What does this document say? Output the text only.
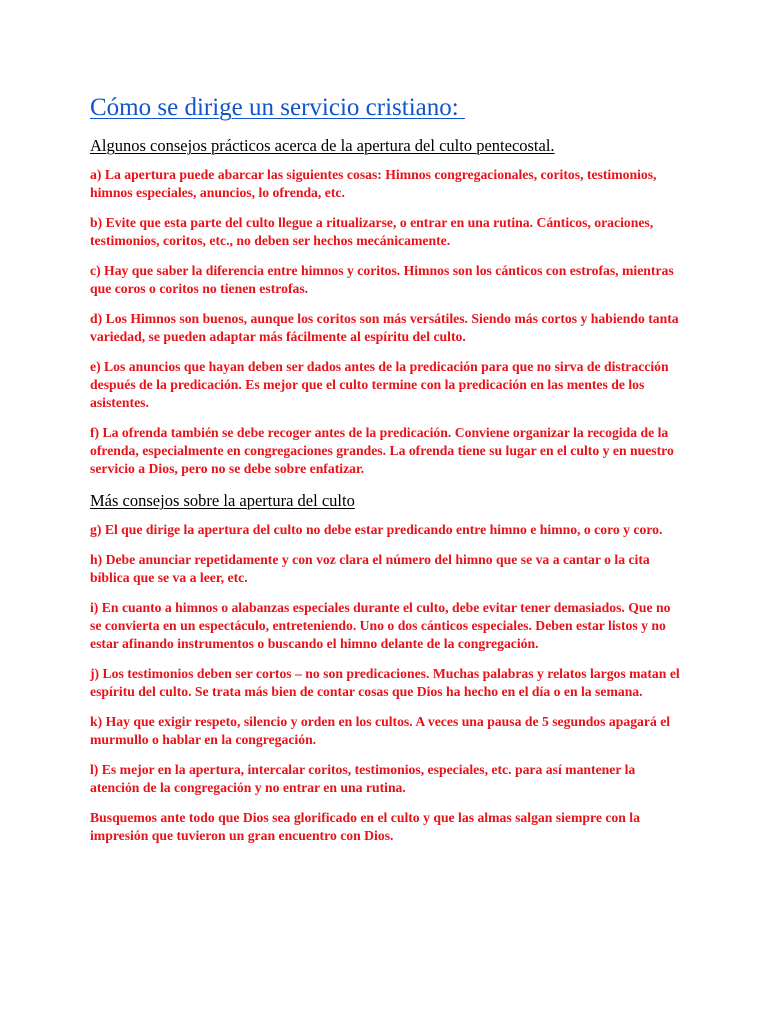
Cómo se dirige un servicio cristiano:
Algunos consejos prácticos acerca de la apertura del culto pentecostal.

a) La apertura puede abarcar las siguientes cosas: Himnos congregacionales, coritos, testimonios, himnos especiales, anuncios, lo ofrenda, etc.

b) Evite que esta parte del culto llegue a ritualizarse, o entrar en una rutina. Cánticos, oraciones, testimonios, coritos, etc., no deben ser hechos mecánicamente.

c) Hay que saber la diferencia entre himnos y coritos. Himnos son los cánticos con estrofas, mientras que coros o coritos no tienen estrofas.

d) Los Himnos son buenos, aunque los coritos son más versátiles. Siendo más cortos y habiendo tanta variedad, se pueden adaptar más fácilmente al espíritu del culto.

e) Los anuncios que hayan deben ser dados antes de la predicación para que no sirva de distracción después de la predicación. Es mejor que el culto termine con la predicación en las mentes de los asistentes.

f) La ofrenda también se debe recoger antes de la predicación. Conviene organizar la recogida de la ofrenda, especialmente en congregaciones grandes. La ofrenda tiene su lugar en el culto y en nuestro servicio a Dios, pero no se debe sobre enfatizar.

Más consejos sobre la apertura del culto

g) El que dirige la apertura del culto no debe estar predicando entre himno e himno, o coro y coro.

h) Debe anunciar repetidamente y con voz clara el número del himno que se va a cantar o la cita bíblica que se va a leer, etc.

i) En cuanto a himnos o alabanzas especiales durante el culto, debe evitar tener demasiados. Que no se convierta en un espectáculo, entreteniendo. Uno o dos cánticos especiales. Deben estar listos y no estar afinando instrumentos o buscando el himno delante de la congregación.

j) Los testimonios deben ser cortos – no son predicaciones. Muchas palabras y relatos largos matan el espíritu del culto. Se trata más bien de contar cosas que Dios ha hecho en el día o en la semana.

k) Hay que exigir respeto, silencio y orden en los cultos. A veces una pausa de 5 segundos apagará el murmullo o hablar en la congregación.

l) Es mejor en la apertura, intercalar coritos, testimonios, especiales, etc. para así mantener la atención de la congregación y no entrar en una rutina.

Busquemos ante todo que Dios sea glorificado en el culto y que las almas salgan siempre con la impresión que tuvieron un gran encuentro con Dios.
